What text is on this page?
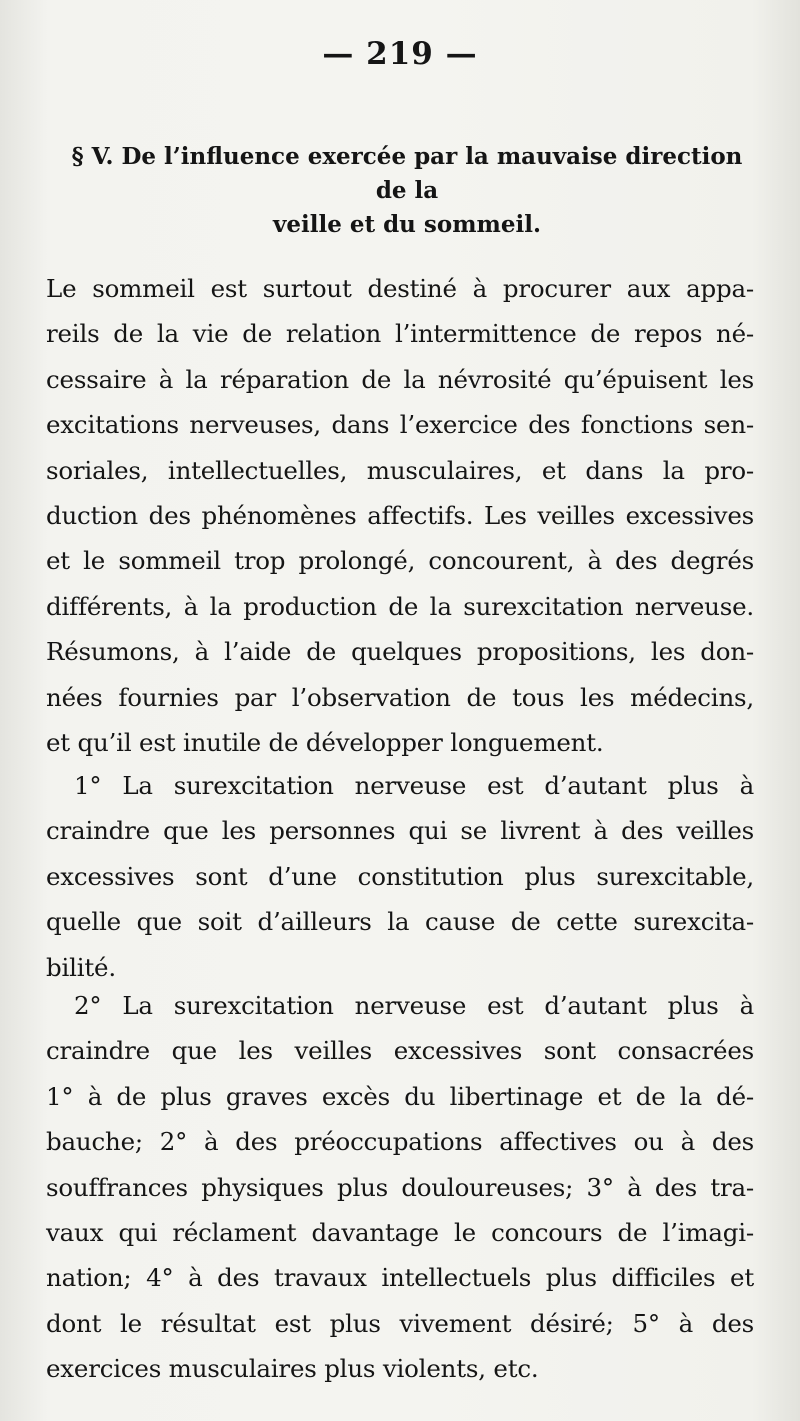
— 219 —
§ V. De l’influence exercée par la mauvaise direction de la
veille et du sommeil.
Le sommeil est surtout destiné à procurer aux appa-
reils de la vie de relation l’intermittence de repos né-
cessaire à la réparation de la névrosité qu’épuisent les
excitations nerveuses, dans l’exercice des fonctions sen-
soriales, intellectuelles, musculaires, et dans la pro-
duction des phénomènes affectifs. Les veilles excessives
et le sommeil trop prolongé, concourent, à des degrés
différents, à la production de la surexcitation nerveuse.
Résumons, à l’aide de quelques propositions, les don-
nées fournies par l’observation de tous les médecins,
et qu’il est inutile de développer longuement.
1° La surexcitation nerveuse est d’autant plus à
craindre que les personnes qui se livrent à des veilles
excessives sont d’une constitution plus surexcitable,
quelle que soit d’ailleurs la cause de cette surexcita-
bilité.
2° La surexcitation nerveuse est d’autant plus à
craindre que les veilles excessives sont consacrées
1° à de plus graves excès du libertinage et de la dé-
bauche; 2° à des préoccupations affectives ou à des
souffrances physiques plus douloureuses; 3° à des tra-
vaux qui réclament davantage le concours de l’imagi-
nation; 4° à des travaux intellectuels plus difficiles et
dont le résultat est plus vivement désiré; 5° à des
exercices musculaires plus violents, etc.
